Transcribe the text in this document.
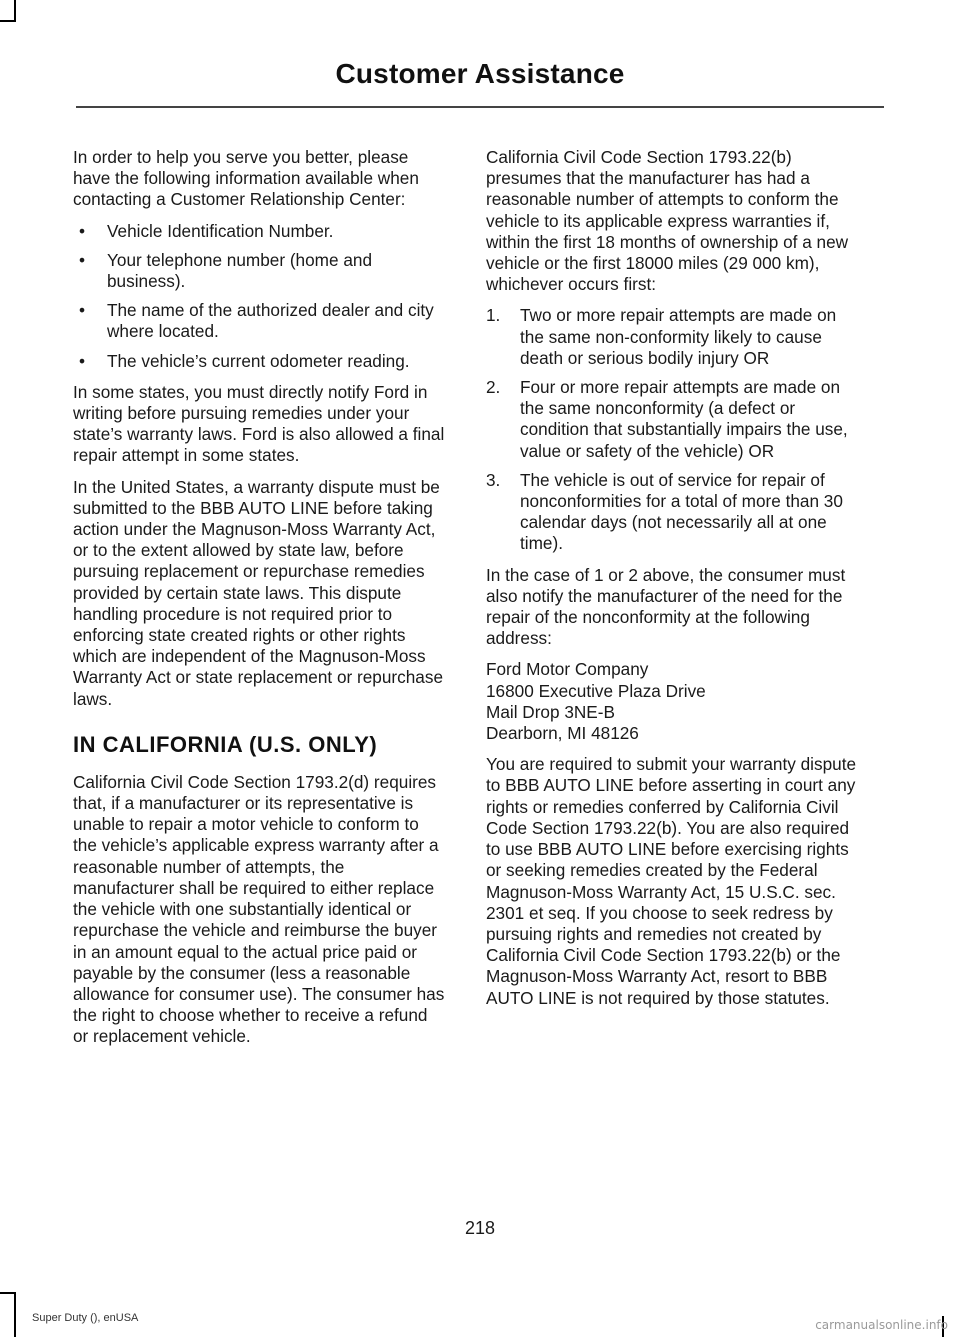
Customer Assistance

In order to help you serve you better, please have the following information available when contacting a Customer Relationship Center:

• Vehicle Identification Number.
• Your telephone number (home and business).
• The name of the authorized dealer and city where located.
• The vehicle’s current odometer reading.

In some states, you must directly notify Ford in writing before pursuing remedies under your state’s warranty laws. Ford is also allowed a final repair attempt in some states.

In the United States, a warranty dispute must be submitted to the BBB AUTO LINE before taking action under the Magnuson-Moss Warranty Act, or to the extent allowed by state law, before pursuing replacement or repurchase remedies provided by certain state laws. This dispute handling procedure is not required prior to enforcing state created rights or other rights which are independent of the Magnuson-Moss Warranty Act or state replacement or repurchase laws.

IN CALIFORNIA (U.S. ONLY)

California Civil Code Section 1793.2(d) requires that, if a manufacturer or its representative is unable to repair a motor vehicle to conform to the vehicle’s applicable express warranty after a reasonable number of attempts, the manufacturer shall be required to either replace the vehicle with one substantially identical or repurchase the vehicle and reimburse the buyer in an amount equal to the actual price paid or payable by the consumer (less a reasonable allowance for consumer use). The consumer has the right to choose whether to receive a refund or replacement vehicle.

California Civil Code Section 1793.22(b) presumes that the manufacturer has had a reasonable number of attempts to conform the vehicle to its applicable express warranties if, within the first 18 months of ownership of a new vehicle or the first 18000 miles (29 000 km), whichever occurs first:

1. Two or more repair attempts are made on the same non-conformity likely to cause death or serious bodily injury OR
2. Four or more repair attempts are made on the same nonconformity (a defect or condition that substantially impairs the use, value or safety of the vehicle) OR
3. The vehicle is out of service for repair of nonconformities for a total of more than 30 calendar days (not necessarily all at one time).

In the case of 1 or 2 above, the consumer must also notify the manufacturer of the need for the repair of the nonconformity at the following address:

Ford Motor Company
16800 Executive Plaza Drive
Mail Drop 3NE-B
Dearborn, MI 48126

You are required to submit your warranty dispute to BBB AUTO LINE before asserting in court any rights or remedies conferred by California Civil Code Section 1793.22(b). You are also required to use BBB AUTO LINE before exercising rights or seeking remedies created by the Federal Magnuson-Moss Warranty Act, 15 U.S.C. sec. 2301 et seq. If you choose to seek redress by pursuing rights and remedies not created by California Civil Code Section 1793.22(b) or the Magnuson-Moss Warranty Act, resort to BBB AUTO LINE is not required by those statutes.

218
Super Duty (), enUSA	carmanualsonline.info
